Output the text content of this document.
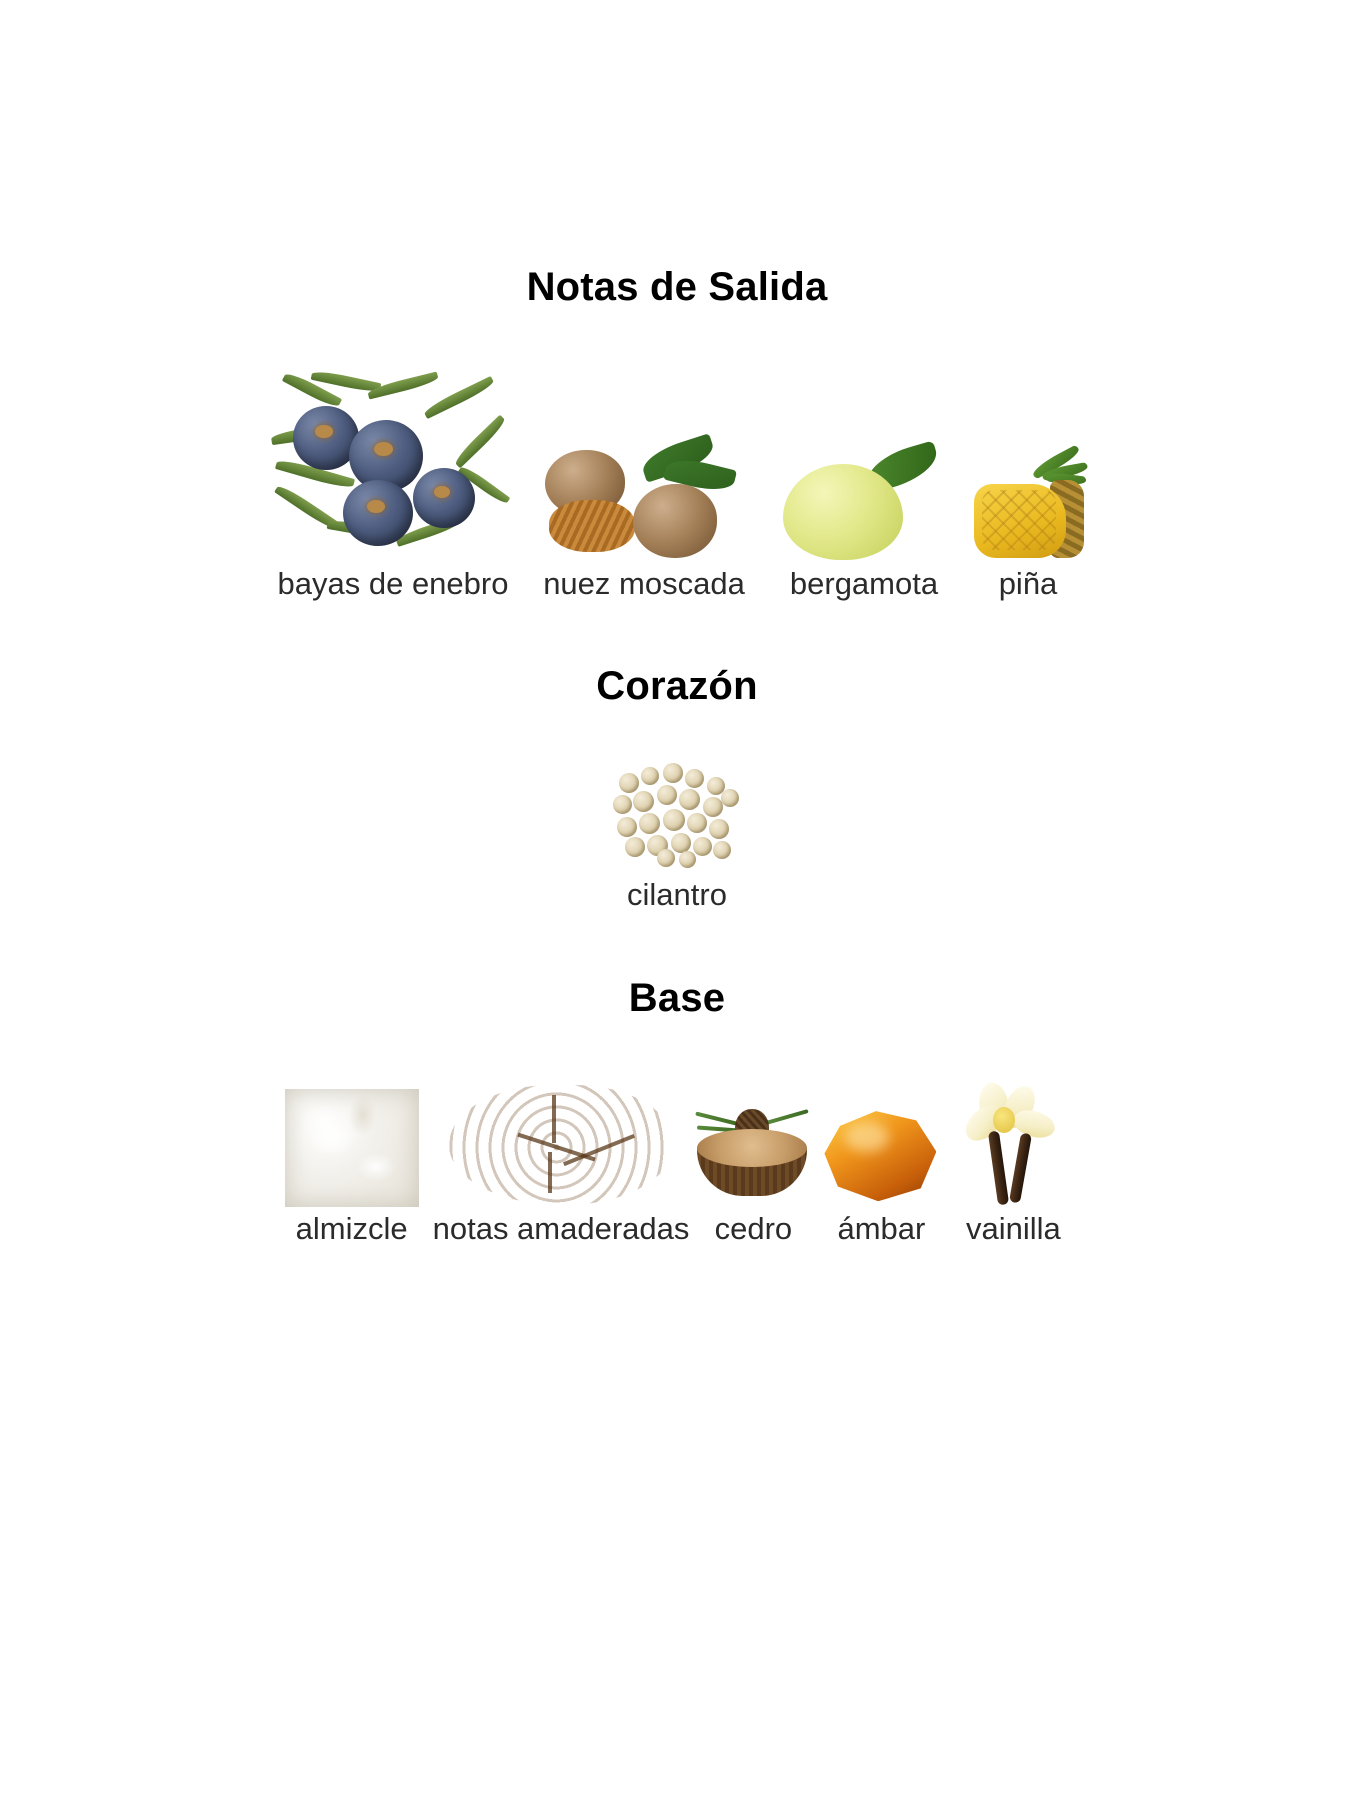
Notas de Salida
bayas de enebro nuez moscada bergamota piña
Corazón
cilantro
Base
almizcle notas amaderadas cedro ámbar vainilla
